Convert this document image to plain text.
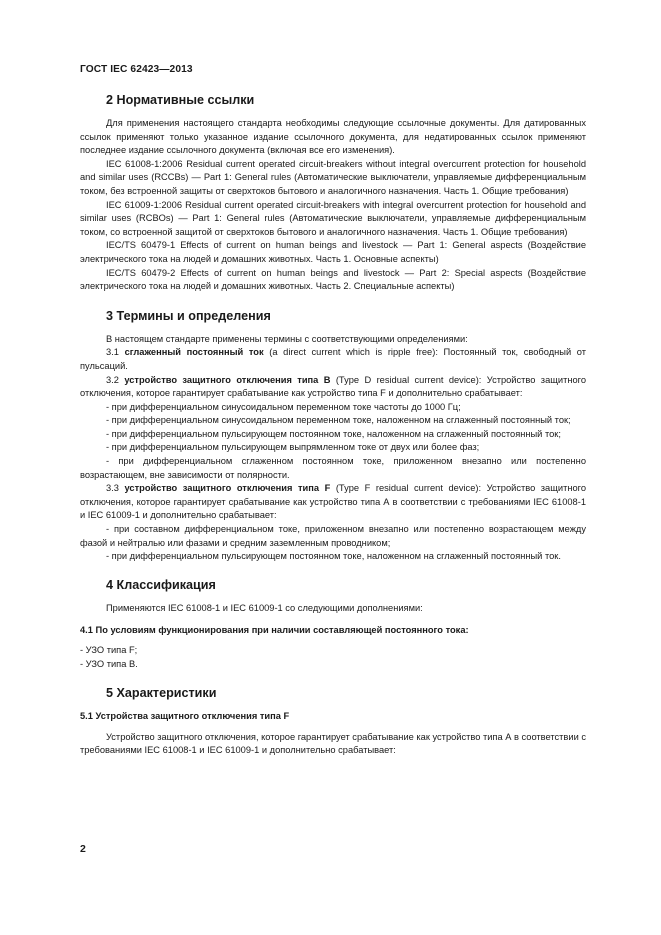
ГОСТ IEC 62423—2013
2 Нормативные ссылки

Для применения настоящего стандарта необходимы следующие ссылочные документы. Для датированных ссылок применяют только указанное издание ссылочного документа, для недатированных ссылок применяют последнее издание ссылочного документа (включая все его изменения).

IEC 61008-1:2006 Residual current operated circuit-breakers without integral overcurrent protection for household and similar uses (RCCBs) — Part 1: General rules (Автоматические выключатели, управляемые дифференциальным током, без встроенной защиты от сверхтоков бытового и аналогичного назначения. Часть 1. Общие требования)

IEC 61009-1:2006 Residual current operated circuit-breakers with integral overcurrent protection for household and similar uses (RCBOs) — Part 1: General rules (Автоматические выключатели, управляемые дифференциальным током, со встроенной защитой от сверхтоков бытового и аналогичного назначения. Часть 1. Общие требования)

IEC/TS 60479-1 Effects of current on human beings and livestock — Part 1: General aspects (Воздействие электрического тока на людей и домашних животных. Часть 1. Основные аспекты)

IEC/TS 60479-2 Effects of current on human beings and livestock — Part 2: Special aspects (Воздействие электрического тока на людей и домашних животных. Часть 2. Специальные аспекты)

3 Термины и определения

В настоящем стандарте применены термины с соответствующими определениями:

3.1 сглаженный постоянный ток (a direct current which is ripple free): Постоянный ток, свободный от пульсаций.

3.2 устройство защитного отключения типа B (Type D residual current device): Устройство защитного отключения, которое гарантирует срабатывание как устройство типа F и дополнительно срабатывает:

- при дифференциальном синусоидальном переменном токе частоты до 1000 Гц;

- при дифференциальном синусоидальном переменном токе, наложенном на сглаженный постоянный ток;

- при дифференциальном пульсирующем постоянном токе, наложенном на сглаженный постоянный ток;

- при дифференциальном пульсирующем выпрямленном токе от двух или более фаз;

- при дифференциальном сглаженном постоянном токе, приложенном внезапно или постепенно возрастающем, вне зависимости от полярности.

3.3 устройство защитного отключения типа F (Type F residual current device): Устройство защитного отключения, которое гарантирует срабатывание как устройство типа А в соответствии с требованиями IEC 61008-1 и IEC 61009-1 и дополнительно срабатывает:

- при составном дифференциальном токе, приложенном внезапно или постепенно возрастающем между фазой и нейтралью или фазами и средним заземленным проводником;

- при дифференциальном пульсирующем постоянном токе, наложенном на сглаженный постоянный ток.

4 Классификация

Применяются IEC 61008-1 и IEC 61009-1 со следующими дополнениями:

4.1 По условиям функционирования при наличии составляющей постоянного тока:

- УЗО типа F;

- УЗО типа B.

5 Характеристики
5.1 Устройства защитного отключения типа F

Устройство защитного отключения, которое гарантирует срабатывание как устройство типа А в соответствии с требованиями IEC 61008-1 и IEC 61009-1 и дополнительно срабатывает:

2
